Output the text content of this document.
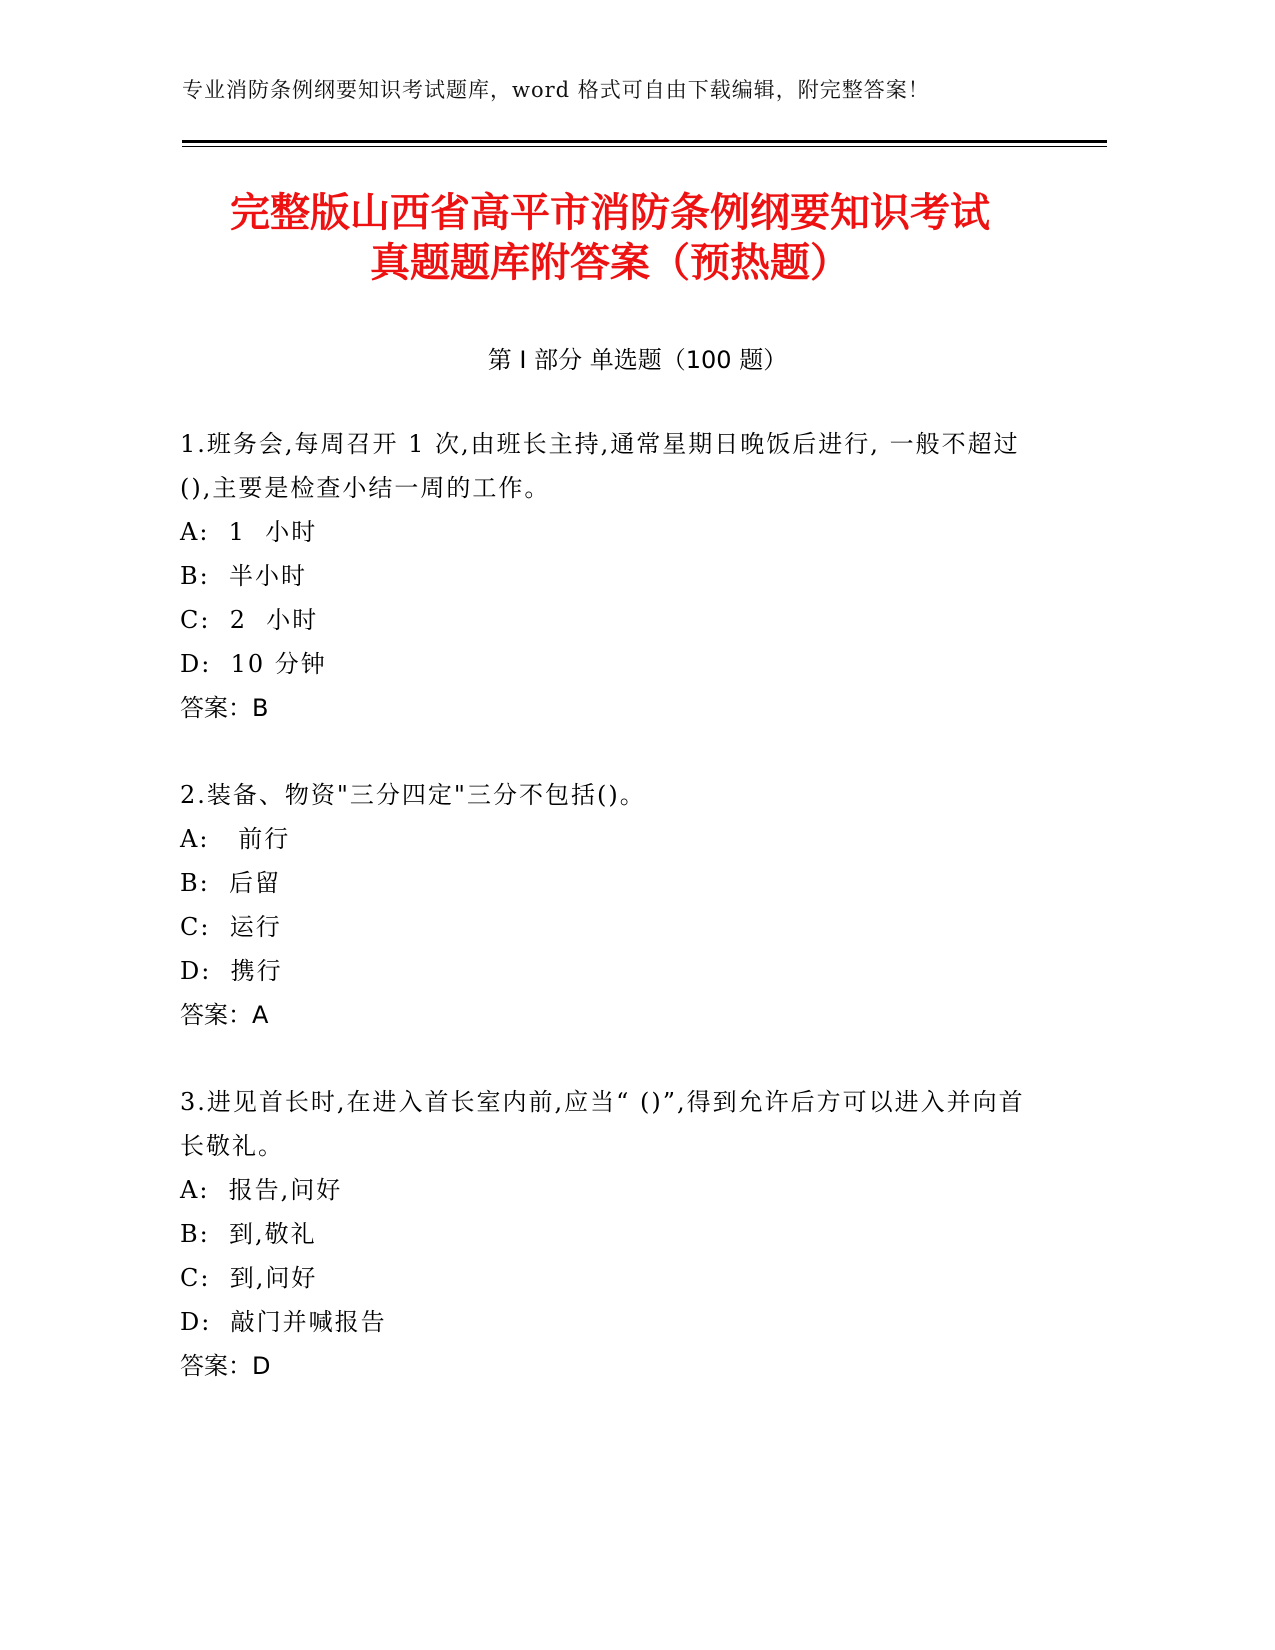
专业消防条例纲要知识考试题库，word 格式可自由下载编辑，附完整答案！
完整版山西省高平市消防条例纲要知识考试
真题题库附答案（预热题）
第 I 部分 单选题（100 题）

1.班务会,每周召开 1 次,由班长主持,通常星期日晚饭后进行, 一般不超过(),主要是检查小结一周的工作。

A:  1  小时

B:  半小时

C:  2  小时

D:  10 分钟

答案：B

2.装备、物资"三分四定"三分不包括()。

A:   前行

B:  后留

C:  运行

D:  携行

答案：A

3.进见首长时,在进入首长室内前,应当“ ()”,得到允许后方可以进入并向首长敬礼。

A:  报告,问好

B:  到,敬礼

C:  到,问好

D:  敲门并喊报告

答案：D
